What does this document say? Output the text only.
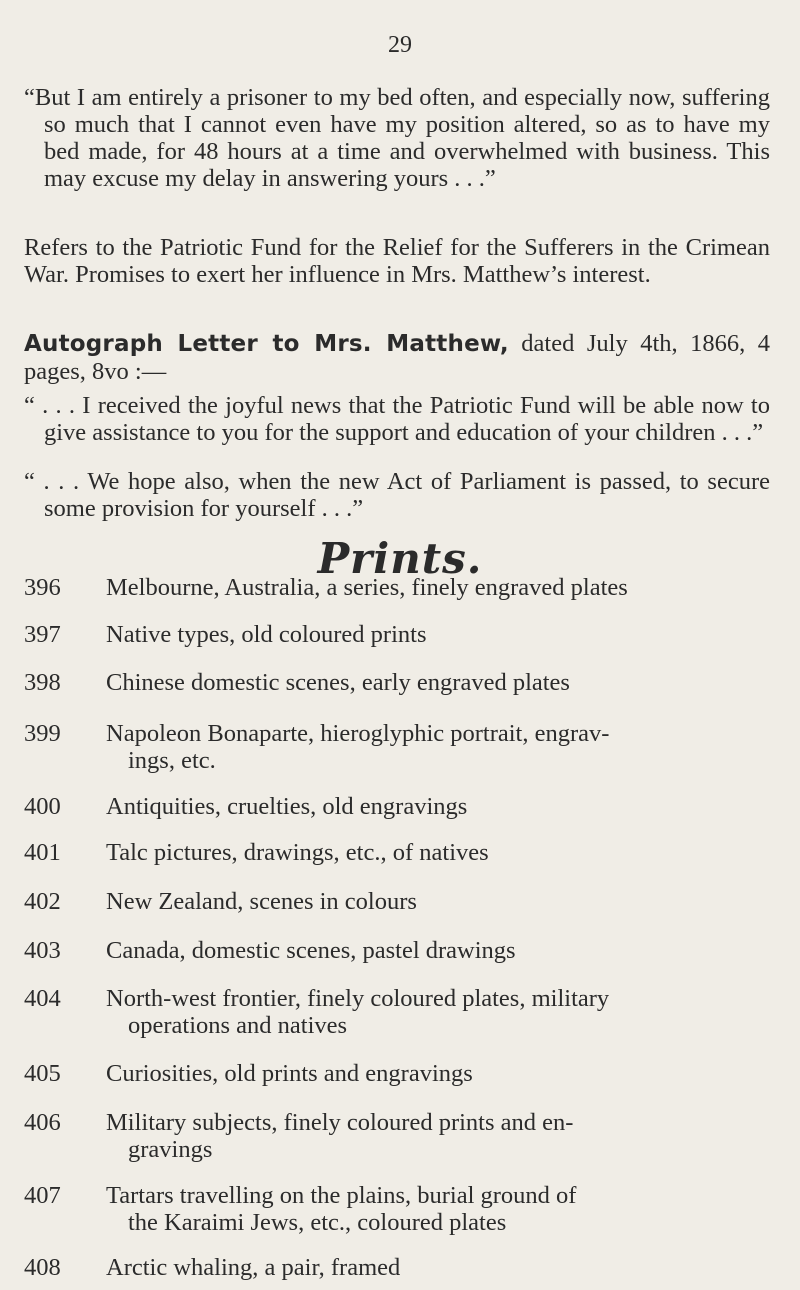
29

“But I am entirely a prisoner to my bed often, and especially now, suffering so much that I cannot even have my position altered, so as to have my bed made, for 48 hours at a time and overwhelmed with business. This may excuse my delay in answering yours . . .”

Refers to the Patriotic Fund for the Relief for the Sufferers in the Crimean War. Promises to exert her influence in Mrs. Matthew’s interest.

Autograph Letter to Mrs. Matthew, dated July 4th, 1866, 4 pages, 8vo :—

“ . . . I received the joyful news that the Patriotic Fund will be able now to give assistance to you for the support and education of your children . . .”

“ . . . We hope also, when the new Act of Parliament is passed, to secure some provision for yourself . . .”

Prints.
396	Melbourne, Australia, a series, finely engraved plates
397	Native types, old coloured prints
398	Chinese domestic scenes, early engraved plates
399	Napoleon Bonaparte, hieroglyphic portrait, engrav-
ings, etc.
400	Antiquities, cruelties, old engravings
401	Talc pictures, drawings, etc., of natives
402	New Zealand, scenes in colours
403	Canada, domestic scenes, pastel drawings
404	North-west frontier, finely coloured plates, military
operations and natives
405	Curiosities, old prints and engravings
406	Military subjects, finely coloured prints and en-
gravings
407	Tartars travelling on the plains, burial ground of
the Karaimi Jews, etc., coloured plates
408	Arctic whaling, a pair, framed
